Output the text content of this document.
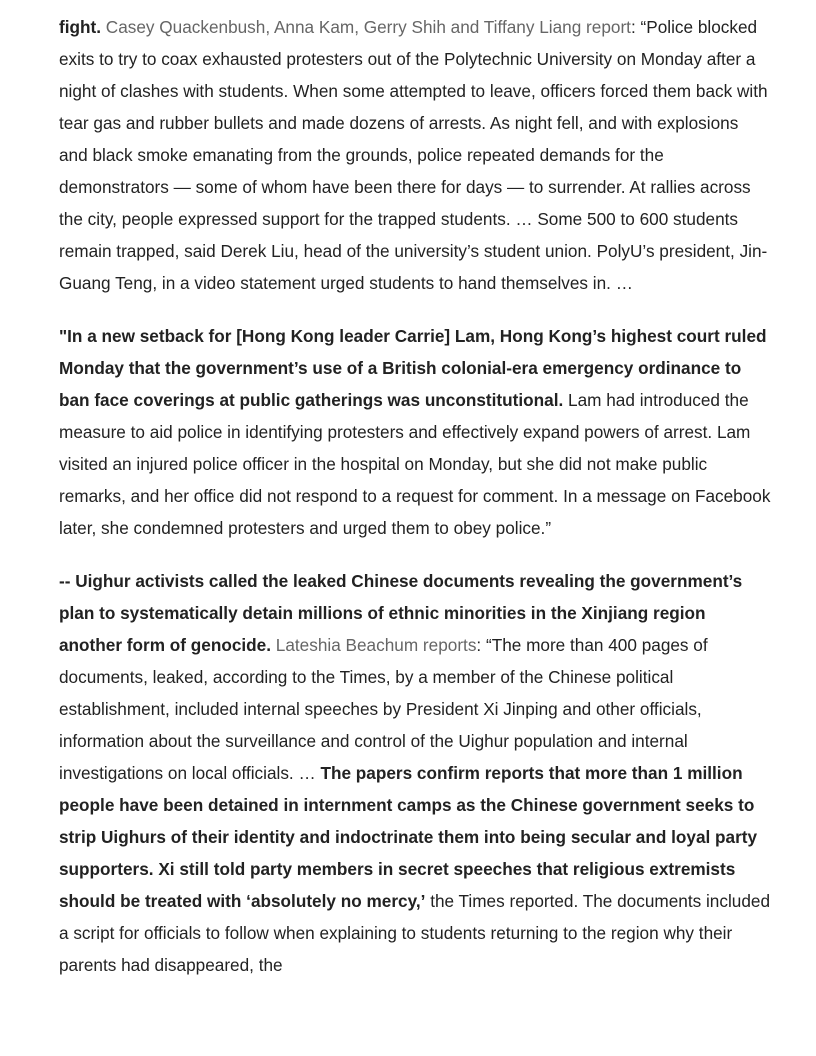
fight. Casey Quackenbush, Anna Kam, Gerry Shih and Tiffany Liang report: “Police blocked exits to try to coax exhausted protesters out of the Polytechnic University on Monday after a night of clashes with students. When some attempted to leave, officers forced them back with tear gas and rubber bullets and made dozens of arrests. As night fell, and with explosions and black smoke emanating from the grounds, police repeated demands for the demonstrators — some of whom have been there for days — to surrender. At rallies across the city, people expressed support for the trapped students. … Some 500 to 600 students remain trapped, said Derek Liu, head of the university’s student union. PolyU’s president, Jin-Guang Teng, in a video statement urged students to hand themselves in. …

"In a new setback for [Hong Kong leader Carrie] Lam, Hong Kong’s highest court ruled Monday that the government’s use of a British colonial-era emergency ordinance to ban face coverings at public gatherings was unconstitutional. Lam had introduced the measure to aid police in identifying protesters and effectively expand powers of arrest. Lam visited an injured police officer in the hospital on Monday, but she did not make public remarks, and her office did not respond to a request for comment. In a message on Facebook later, she condemned protesters and urged them to obey police.”

-- Uighur activists called the leaked Chinese documents revealing the government’s plan to systematically detain millions of ethnic minorities in the Xinjiang region another form of genocide. Lateshia Beachum reports: “The more than 400 pages of documents, leaked, according to the Times, by a member of the Chinese political establishment, included internal speeches by President Xi Jinping and other officials, information about the surveillance and control of the Uighur population and internal investigations on local officials. … The papers confirm reports that more than 1 million people have been detained in internment camps as the Chinese government seeks to strip Uighurs of their identity and indoctrinate them into being secular and loyal party supporters. Xi still told party members in secret speeches that religious extremists should be treated with ‘absolutely no mercy,’ the Times reported. The documents included a script for officials to follow when explaining to students returning to the region why their parents had disappeared, the
